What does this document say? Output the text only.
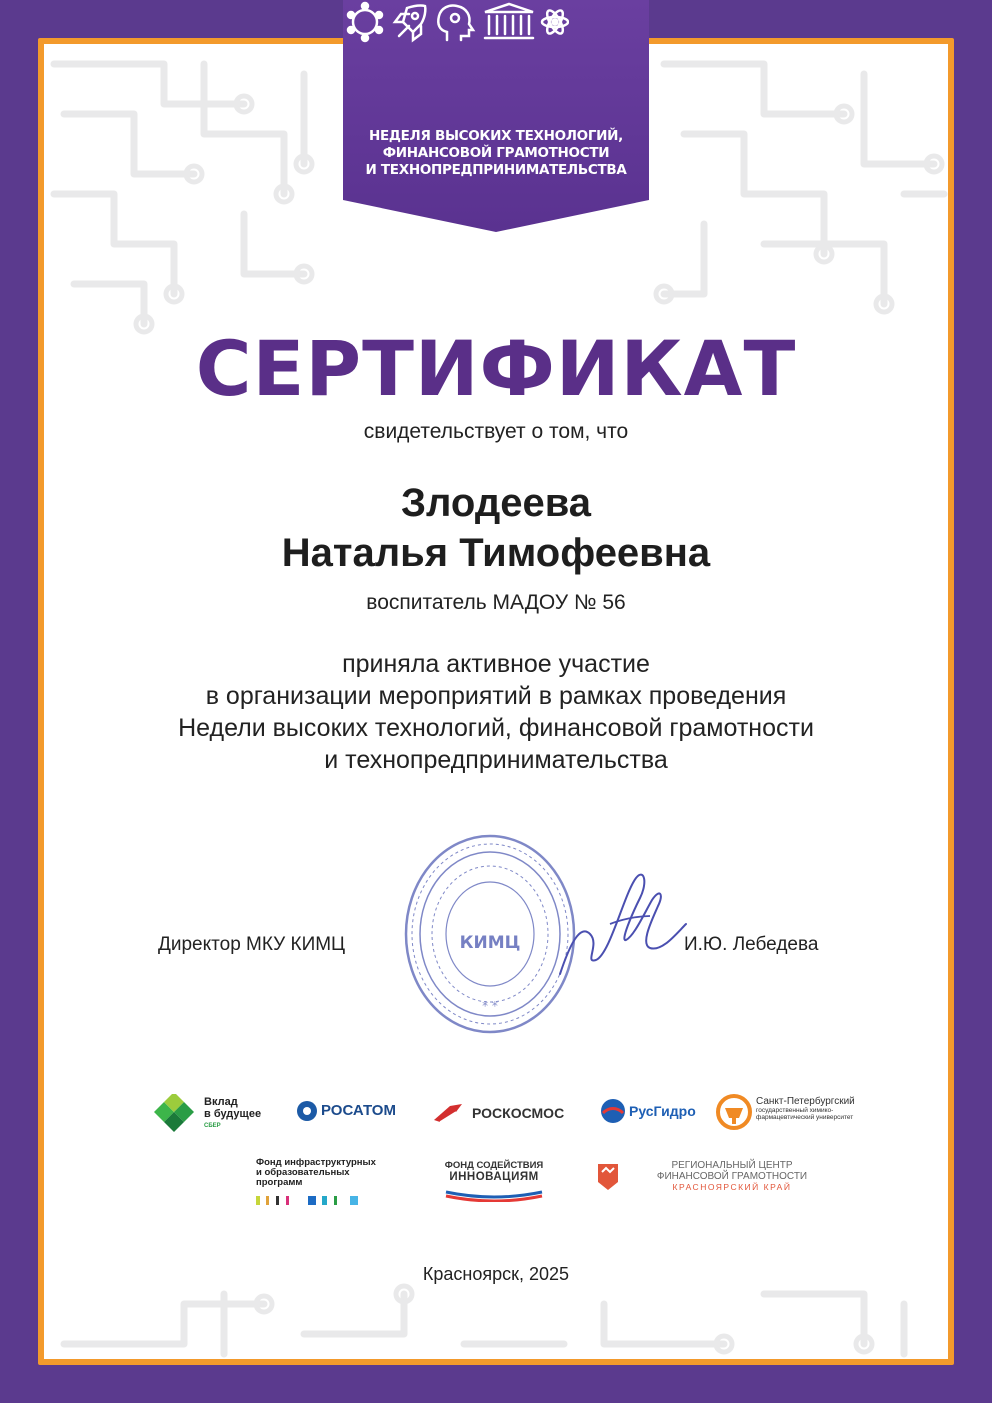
НЕДЕЛЯ ВЫСОКИХ ТЕХНОЛОГИЙ,
ФИНАНСОВОЙ ГРАМОТНОСТИ
И ТЕХНОПРЕДПРИНИМАТЕЛЬСТВА
СЕРТИФИКАТ
свидетельствует о том, что
Злодеева
Наталья Тимофеевна
воспитатель МАДОУ № 56
приняла активное участие
в организации мероприятий в рамках проведения
Недели высоких технологий, финансовой грамотности
и технопредпринимательства
КИМЦ
* *
Директор МКУ КИМЦ	И.Ю. Лебедева
Вклад
в будущее
СБЕР
РОСАТОМ	РОСКОСМОС	РусГидро
Санкт-Петербургский
государственный химико-
фармацевтический университет
Фонд инфраструктурных
и образовательных
программ
ФОНД СОДЕЙСТВИЯ
ИННОВАЦИЯМ
РЕГИОНАЛЬНЫЙ ЦЕНТР
ФИНАНСОВОЙ ГРАМОТНОСТИ
КРАСНОЯРСКИЙ КРАЙ
Красноярск, 2025
